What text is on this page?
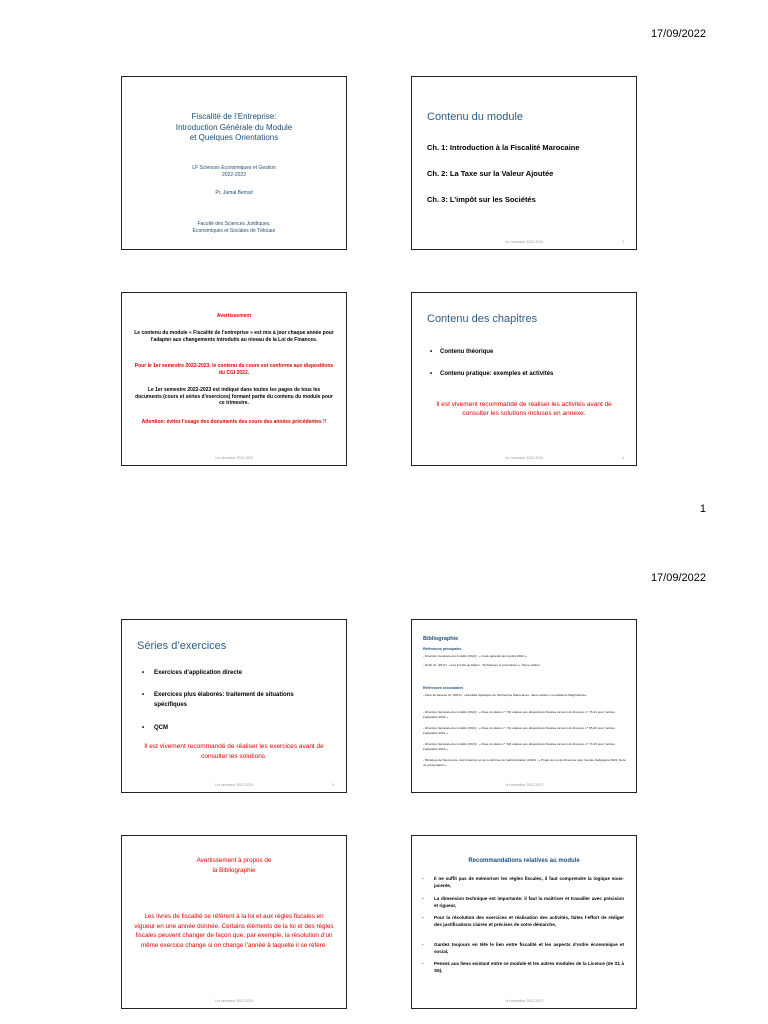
17/09/2022
Fiscalité de l’Entreprise:
Introduction Générale du Module
et Quelques Orientations
LF Sciences Economiques et Gestion
2022-2023
Pr. Jamal Berrad
Faculté des Sciences Juridiques,
Economiques et Sociales de Tétouan
Contenu du module
Ch. 1: Introduction à la Fiscalité Marocaine
Ch. 2: La Taxe sur la Valeur Ajoutée
Ch. 3: L’impôt sur les Sociétés
1er semestre 2022-2023	2
Avertissement
Le contenu du module « Fiscalité de l’entreprise » est mis à jour chaque année pour l’adapter aux changements introduits au niveau de la Loi de Finances.
Pour le 1er semestre 2022-2023, le contenu du cours est conforme aux dispositions du CGI 2022.
Le 1er semestre 2022-2023 est indiqué dans toutes les pages de tous les documents (cours et séries d’exercices) formant partie du contenu du module pour ce trimestre.
Attention: évitez l’usage des documents des cours des années précédentes !!
1er semestre 2022-2023
Contenu des chapitres
• Contenu théorique
• Contenu pratique: exemples et activités
Il est vivement recommandé de réaliser les activités avant de consulter les solutions incluses en annexe.
1er semestre 2022-2023	4
1
17/09/2022
Séries d’exercices
• Exercices d’application directe
• Exercices plus élaborés: traitement de situations spécifiques
• QCM
Il est vivement recommandé de réaliser les exercices avant de consulter les solutions.
1er semestre 2022-2023	5
Bibliographie
Références principales
- Direction Générale des Impôts (2022) : « Code général des impôts 2022 ».
- Nmili, M. (2017) : «Les impôts au Maroc : Techniques et procédures », 6ème édition.
Références secondaires
- Abou El Jaouad, M. (2013) : «Fiscalité Appliquée de l’Entreprise Marocaine», 4ème édition, Les Editions Maghrébines.
- Direction Générale des Impôts (2022) : « Note circulaire n° 732 relative aux dispositions fiscales de la loi de finances n° 76-21 pour l’année budgétaire 2022 »
- Direction Générale des Impôts (2021) : « Note circulaire n° 731 relative aux dispositions fiscales de la loi de finances n° 65-20 pour l’année budgétaire 2021 »
- Direction Générale des Impôts (2016) : « Note circulaire n° 726 relative aux dispositions fiscales de la loi de finances n° 70-15 pour l’année budgétaire 2016 »
- Ministère de l’Economie, des Finances et de la réforme de l’administration (2022) : « Projet de Loi de Finances pour l’année budgétaire 2022: Note de présentation »
1er semestre 2022-2023
Avertissement à propos de
la Bibliographie
Les livres de fiscalité se réfèrent à la loi et aux règles fiscales en vigueur en une année donnée. Certains éléments de la loi et des règles fiscales peuvent changer de façon que, par exemple, la résolution d’un même exercice change si on change l’année à laquelle il se réfère.
1er semestre 2022-2023
Recommandations relatives au module
- Il ne suffit pas de mémoriser les règles fiscales, il faut comprendre la logique sous-jacente,
- La dimension technique est importante; il faut la maitriser et travailler avec précision et rigueur,
- Pour la résolution des exercices et réalisation des activités, faites l’effort de rédiger des justifications claires et précises de votre démarche,
- Gardez toujours en tête le lien entre fiscalité et les aspects d’ordre économique et social,
- Pensez aux liens existant entre ce module et les autres modules de la Licence (de S1 à S6).
1er semestre 2022-2023
